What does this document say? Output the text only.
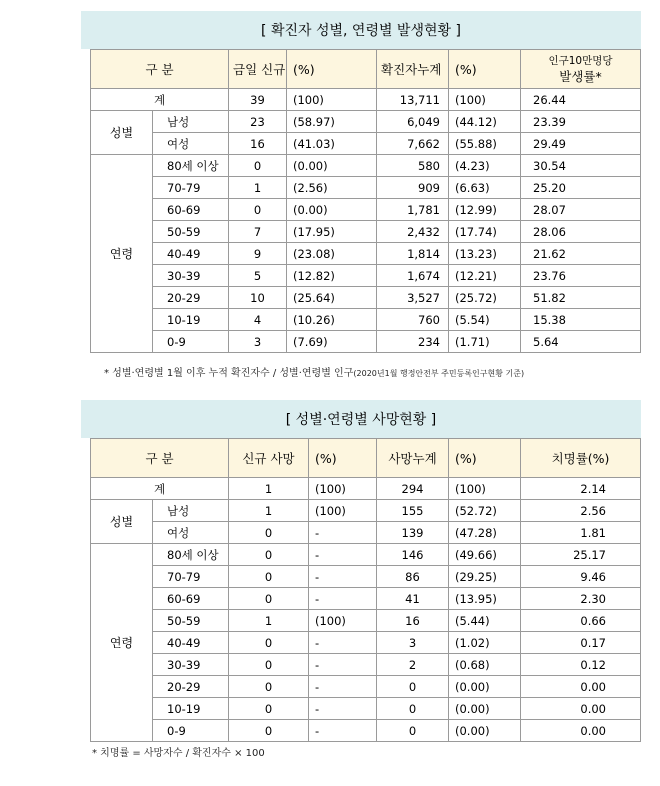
[ 확진자 성별, 연령별 발생현황 ]
구 분		금일 신규	(%)	확진자누계	(%)	인구10만명당
발생률*

계		39	(100)	13,711	(100)	26.44
성별	남성	23	(58.97)	6,049	(44.12)	23.39
	여성	16	(41.03)	7,662	(55.88)	29.49
연령	80세 이상	0	(0.00)	580	(4.23)	30.54
	70-79	1	(2.56)	909	(6.63)	25.20
	60-69	0	(0.00)	1,781	(12.99)	28.07
	50-59	7	(17.95)	2,432	(17.74)	28.06
	40-49	9	(23.08)	1,814	(13.23)	21.62
	30-39	5	(12.82)	1,674	(12.21)	23.76
	20-29	10	(25.64)	3,527	(25.72)	51.82
	10-19	4	(10.26)	760	(5.54)	15.38
	0-9	3	(7.69)	234	(1.71)	5.64
* 성별·연령별 1월 이후 누적 확진자수 / 성별·연령별 인구(2020년1월 행정안전부 주민등록인구현황 기준)
[ 성별·연령별 사망현황 ]
구 분		신규 사망	(%)	사망누계	(%)	치명률(%)
계		1	(100)	294	(100)	2.14
성별	남성	1	(100)	155	(52.72)	2.56
	여성	0	-	139	(47.28)	1.81
연령	80세 이상	0	-	146	(49.66)	25.17
	70-79	0	-	86	(29.25)	9.46
	60-69	0	-	41	(13.95)	2.30
	50-59	1	(100)	16	(5.44)	0.66
	40-49	0	-	3	(1.02)	0.17
	30-39	0	-	2	(0.68)	0.12
	20-29	0	-	0	(0.00)	0.00
	10-19	0	-	0	(0.00)	0.00
	0-9	0	-	0	(0.00)	0.00
* 치명률 = 사망자수 / 확진자수 × 100
